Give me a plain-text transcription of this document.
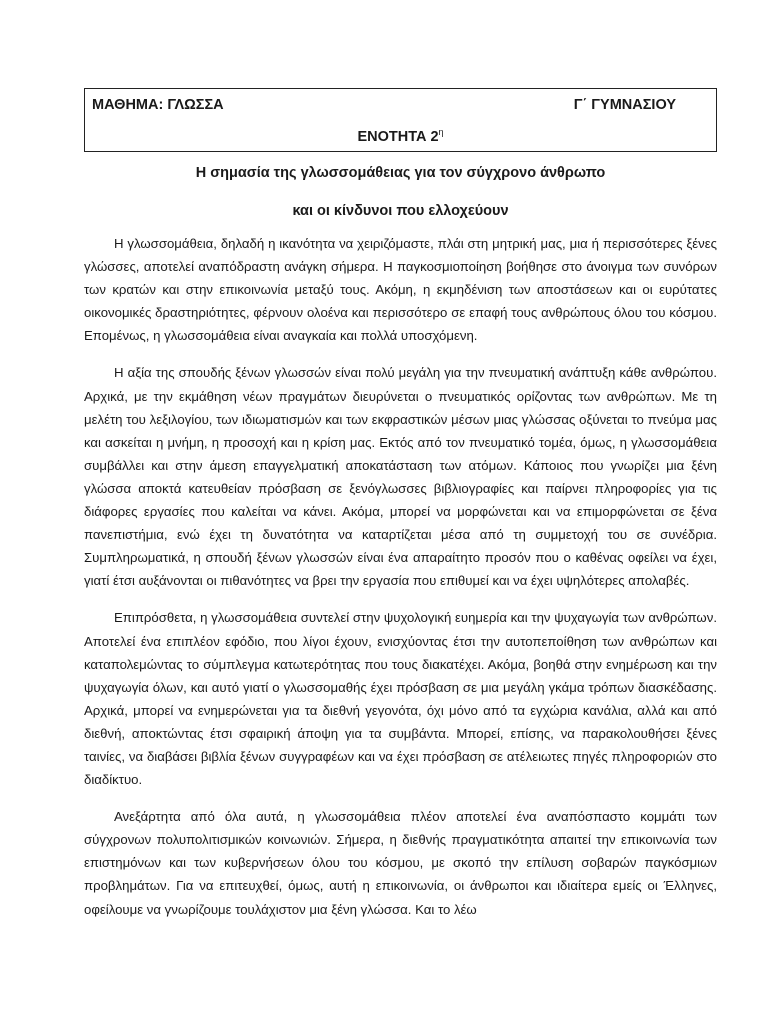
ΜΑΘΗΜΑ: ΓΛΩΣΣΑ	Γ΄ ΓΥΜΝΑΣΙΟΥ
ΕΝΟΤΗΤΑ $2^\eta$
Η σημασία της γλωσσομάθειας για τον σύγχρονο άνθρωπο
και οι κίνδυνοι που ελλοχεύουν

Η γλωσσομάθεια, δηλαδή η ικανότητα να χειριζόμαστε, πλάι στη μητρική μας, μια ή περισσότερες ξένες γλώσσες, αποτελεί αναπόδραστη ανάγκη σήμερα. Η παγκοσμιοποίηση βοήθησε στο άνοιγμα των συνόρων των κρατών και στην επικοινωνία μεταξύ τους. Ακόμη, η εκμηδένιση των αποστάσεων και οι ευρύτατες οικονομικές δραστηριότητες, φέρνουν ολοένα και περισσότερο σε επαφή τους ανθρώπους όλου του κόσμου. Επομένως, η γλωσσομάθεια είναι αναγκαία και πολλά υποσχόμενη.

Η αξία της σπουδής ξένων γλωσσών είναι πολύ μεγάλη για την πνευματική ανάπτυξη κάθε ανθρώπου. Αρχικά, με την εκμάθηση νέων πραγμάτων διευρύνεται ο πνευματικός ορίζοντας των ανθρώπων. Με τη μελέτη του λεξιλογίου, των ιδιωματισμών και των εκφραστικών μέσων μιας γλώσσας οξύνεται το πνεύμα μας και ασκείται η μνήμη, η προσοχή και η κρίση μας. Εκτός από τον πνευματικό τομέα, όμως, η γλωσσομάθεια συμβάλλει και στην άμεση επαγγελματική αποκατάσταση των ατόμων. Κάποιος που γνωρίζει μια ξένη γλώσσα αποκτά κατευθείαν πρόσβαση σε ξενόγλωσσες βιβλιογραφίες και παίρνει πληροφορίες για τις διάφορες εργασίες που καλείται να κάνει. Ακόμα, μπορεί να μορφώνεται και να επιμορφώνεται σε ξένα πανεπιστήμια, ενώ έχει τη δυνατότητα να καταρτίζεται μέσα από τη συμμετοχή του σε συνέδρια. Συμπληρωματικά, η σπουδή ξένων γλωσσών είναι ένα απαραίτητο προσόν που ο καθένας οφείλει να έχει, γιατί έτσι αυξάνονται οι πιθανότητες να βρει την εργασία που επιθυμεί και να έχει υψηλότερες απολαβές.

Επιπρόσθετα, η γλωσσομάθεια συντελεί στην ψυχολογική ευημερία και την ψυχαγωγία των ανθρώπων. Αποτελεί ένα επιπλέον εφόδιο, που λίγοι έχουν, ενισχύοντας έτσι την αυτοπεποίθηση των ανθρώπων και καταπολεμώντας το σύμπλεγμα κατωτερότητας που τους διακατέχει. Ακόμα, βοηθά στην ενημέρωση και την ψυχαγωγία όλων, και αυτό γιατί ο γλωσσομαθής έχει πρόσβαση σε μια μεγάλη γκάμα τρόπων διασκέδασης. Αρχικά, μπορεί να ενημερώνεται για τα διεθνή γεγονότα, όχι μόνο από τα εγχώρια κανάλια, αλλά και από διεθνή, αποκτώντας έτσι σφαιρική άποψη για τα συμβάντα. Μπορεί, επίσης, να παρακολουθήσει ξένες ταινίες, να διαβάσει βιβλία ξένων συγγραφέων και να έχει πρόσβαση σε ατέλειωτες πηγές πληροφοριών στο διαδίκτυο.

Ανεξάρτητα από όλα αυτά, η γλωσσομάθεια πλέον αποτελεί ένα αναπόσπαστο κομμάτι των σύγχρονων πολυπολιτισμικών κοινωνιών. Σήμερα, η διεθνής πραγματικότητα απαιτεί την επικοινωνία των επιστημόνων και των κυβερνήσεων όλου του κόσμου, με σκοπό την επίλυση σοβαρών παγκόσμιων προβλημάτων. Για να επιτευχθεί, όμως, αυτή η επικοινωνία, οι άνθρωποι και ιδιαίτερα εμείς οι Έλληνες, οφείλουμε να γνωρίζουμε τουλάχιστον μια ξένη γλώσσα. Και το λέω
